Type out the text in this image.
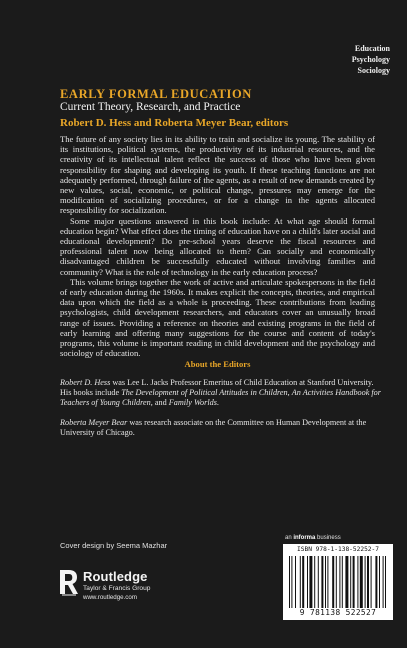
Education
Psychology
Sociology
EARLY FORMAL EDUCATION
Current Theory, Research, and Practice
Robert D. Hess and Roberta Meyer Bear, editors

The future of any society lies in its ability to train and socialize its young. The stability of its institutions, political systems, the productivity of its industrial resources, and the creativity of its intellectual talent reflect the success of those who have been given responsibility for shaping and developing its youth. If these teaching functions are not adequately performed, through failure of the agents, as a result of new demands created by new values, social, economic, or political change, pressures may emerge for the modification of socializing procedures, or for a change in the agents allocated responsibility for socialization.

Some major questions answered in this book include: At what age should formal education begin? What effect does the timing of education have on a child's later social and educational development? Do pre-school years deserve the fiscal resources and professional talent now being allocated to them? Can socially and economically disadvantaged children be successfully educated without involving families and community? What is the role of technology in the early education process?

This volume brings together the work of active and articulate spokespersons in the field of early education during the 1960s. It makes explicit the concepts, theories, and empirical data upon which the field as a whole is proceeding. These contributions from leading psychologists, child development researchers, and educators cover an unusually broad range of issues. Providing a reference on theories and existing programs in the field of early learning and offering many suggestions for the course and content of today's programs, this volume is important reading in child development and the psychology and sociology of education.

About the Editors
Robert D. Hess was Lee L. Jacks Professor Emeritus of Child Education at Stanford University. His books include The Development of Political Attitudes in Children, An Activities Handbook for Teachers of Young Children, and Family Worlds.
Roberta Meyer Bear was research associate on the Committee on Human Development at the University of Chicago.
Cover design by Seema Mazhar
Routledge
Taylor & Francis Group
www.routledge.com
an informa business
ISBN 978-1-138-52252-7
9 781138 522527
